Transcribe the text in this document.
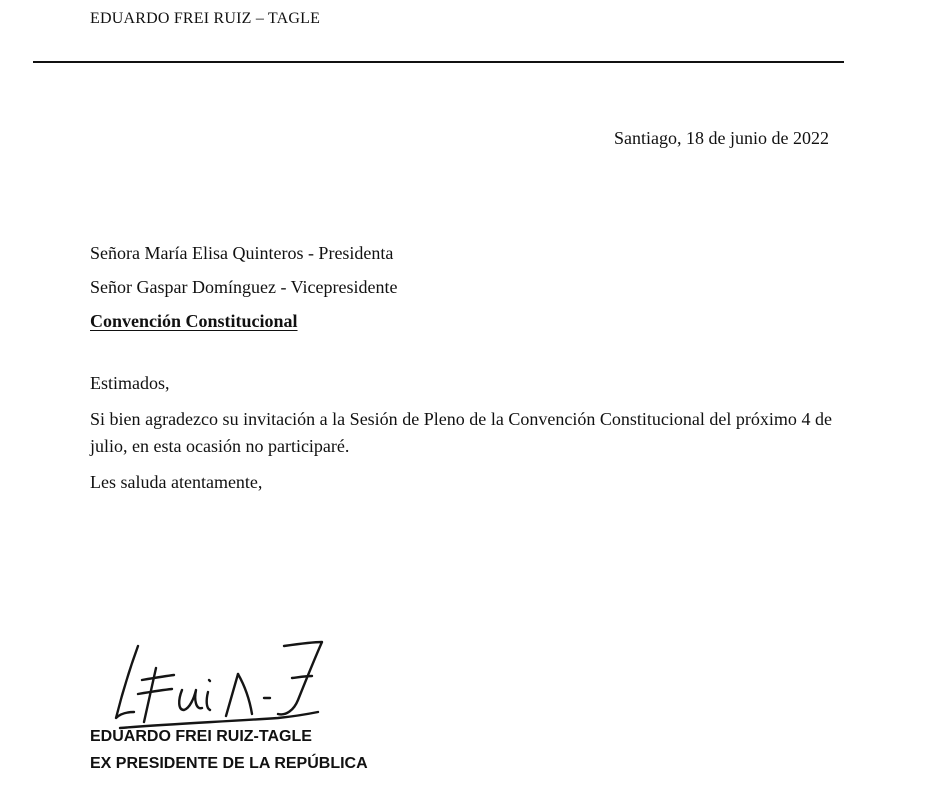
EDUARDO FREI RUIZ – TAGLE
Santiago, 18 de junio de 2022
Señora María Elisa Quinteros - Presidenta
Señor Gaspar Domínguez - Vicepresidente
Convención Constitucional

Estimados,

Si bien agradezco su invitación a la Sesión de Pleno de la Convención Constitucional del próximo 4 de julio, en esta ocasión no participaré.

Les saluda atentamente,

EDUARDO FREI RUIZ-TAGLE
EX PRESIDENTE DE LA REPÚBLICA
